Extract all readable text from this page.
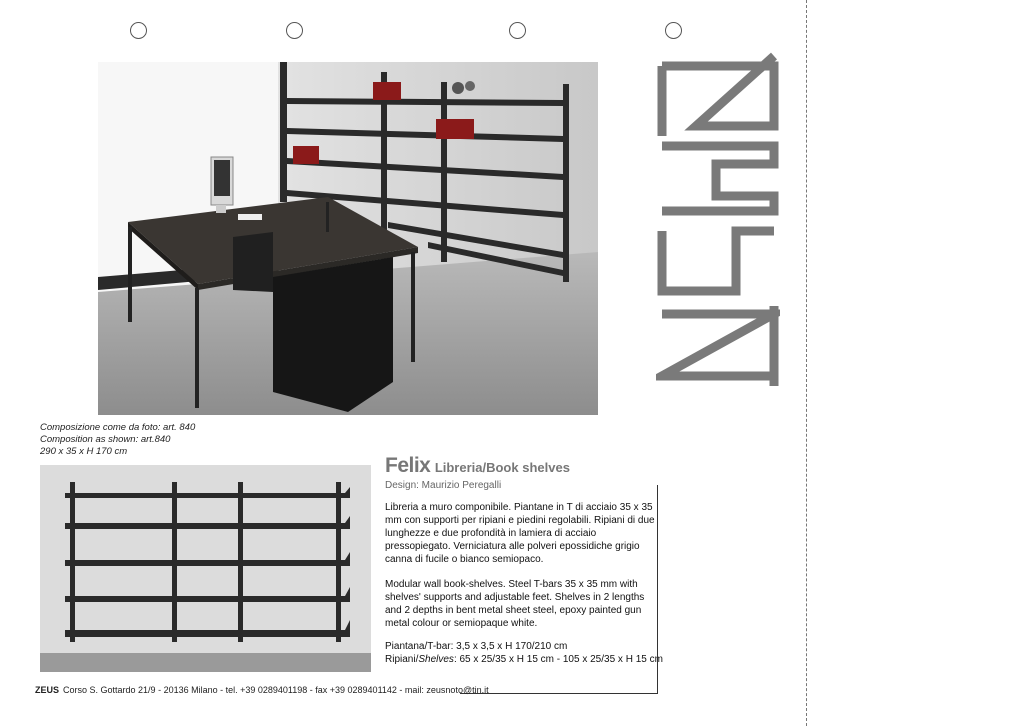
Composizione come da foto: art. 840
Composition as shown: art.840
290 x 35 x H 170 cm
Felix Libreria/Book shelves
Design: Maurizio Peregalli
Libreria a muro componibile. Piantane in T di acciaio 35 x 35 mm con supporti per ripiani e piedini regolabili. Ripiani di due lunghezze e due profondità in lamiera di acciaio pressopiegato. Verniciatura alle polveri epossidiche grigio canna di fucile o bianco semiopaco.
Modular wall book-shelves. Steel T-bars 35 x 35 mm with shelves' supports and adjustable feet. Shelves in 2 lengths and 2 depths in bent metal sheet steel, epoxy painted gun metal colour or semiopaque white.
Piantana/T-bar: 3,5 x 3,5 x H 170/210 cm
Ripiani/Shelves: 65 x 25/35 x H 15 cm - 105 x 25/35 x H 15 cm
ZEUS Corso S. Gottardo 21/9 - 20136 Milano - tel. +39 0289401198 - fax +39 0289401142 - mail: zeusnoto@tin.it
